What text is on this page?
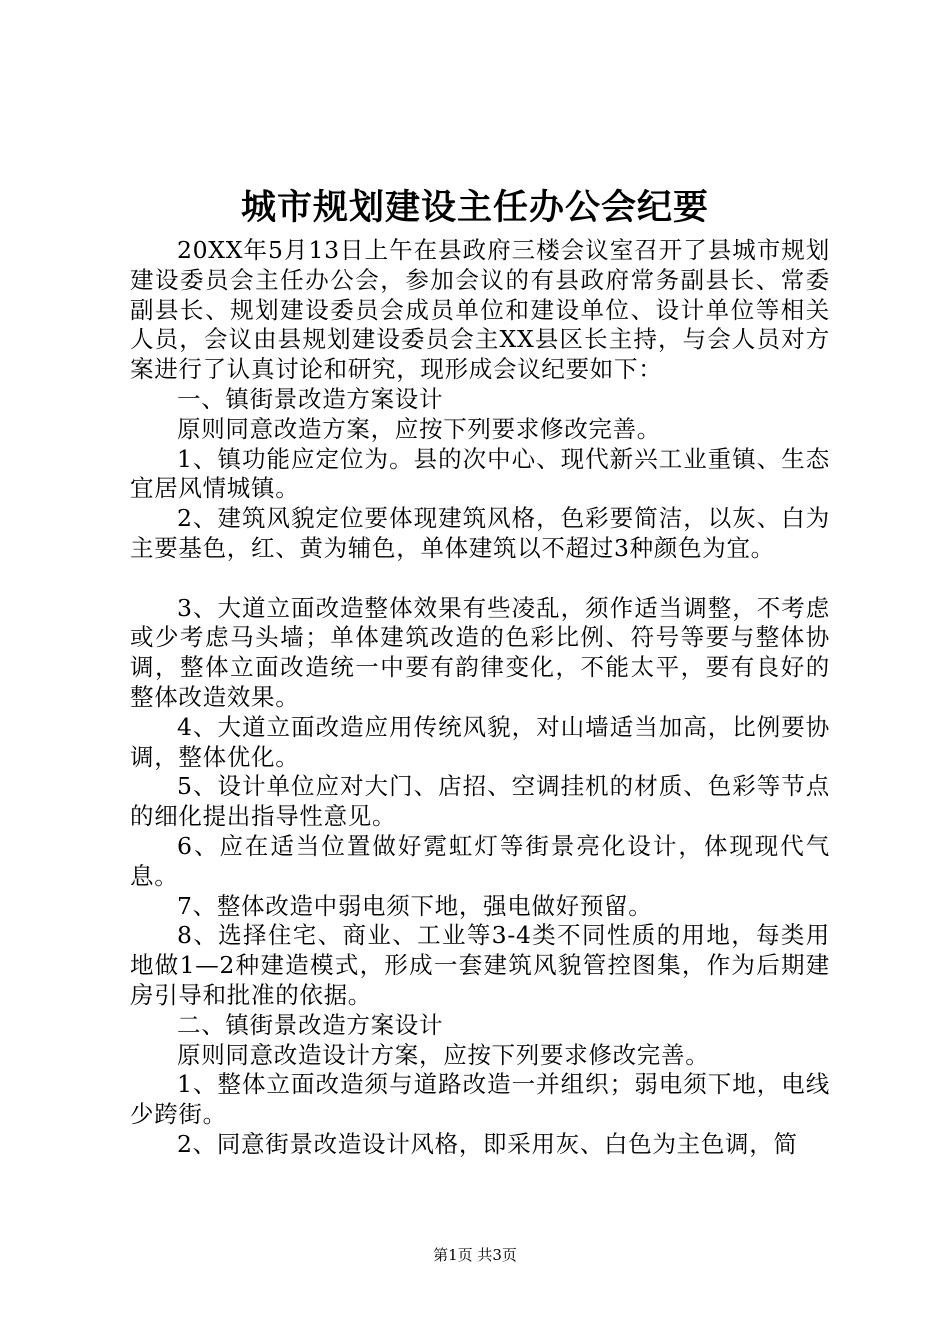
城市规划建设主任办公会纪要

20XX年5月13日上午在县政府三楼会议室召开了县城市规划建设委员会主任办公会，参加会议的有县政府常务副县长、常委副县长、规划建设委员会成员单位和建设单位、设计单位等相关人员，会议由县规划建设委员会主XX县区长主持，与会人员对方案进行了认真讨论和研究，现形成会议纪要如下：

一、镇街景改造方案设计

原则同意改造方案，应按下列要求修改完善。

1、镇功能应定位为。县的次中心、现代新兴工业重镇、生态宜居风情城镇。

2、建筑风貌定位要体现建筑风格，色彩要简洁，以灰、白为主要基色，红、黄为辅色，单体建筑以不超过3种颜色为宜。

3、大道立面改造整体效果有些凌乱，须作适当调整，不考虑或少考虑马头墙；单体建筑改造的色彩比例、符号等要与整体协调，整体立面改造统一中要有韵律变化，不能太平，要有良好的整体改造效果。

4、大道立面改造应用传统风貌，对山墙适当加高，比例要协调，整体优化。

5、设计单位应对大门、店招、空调挂机的材质、色彩等节点的细化提出指导性意见。

6、应在适当位置做好霓虹灯等街景亮化设计，体现现代气息。

7、整体改造中弱电须下地，强电做好预留。

8、选择住宅、商业、工业等3-4类不同性质的用地，每类用地做1—2种建造模式，形成一套建筑风貌管控图集，作为后期建房引导和批准的依据。

二、镇街景改造方案设计

原则同意改造设计方案，应按下列要求修改完善。

1、整体立面改造须与道路改造一并组织；弱电须下地，电线少跨街。

2、同意街景改造设计风格，即采用灰、白色为主色调，简

第1页 共3页
